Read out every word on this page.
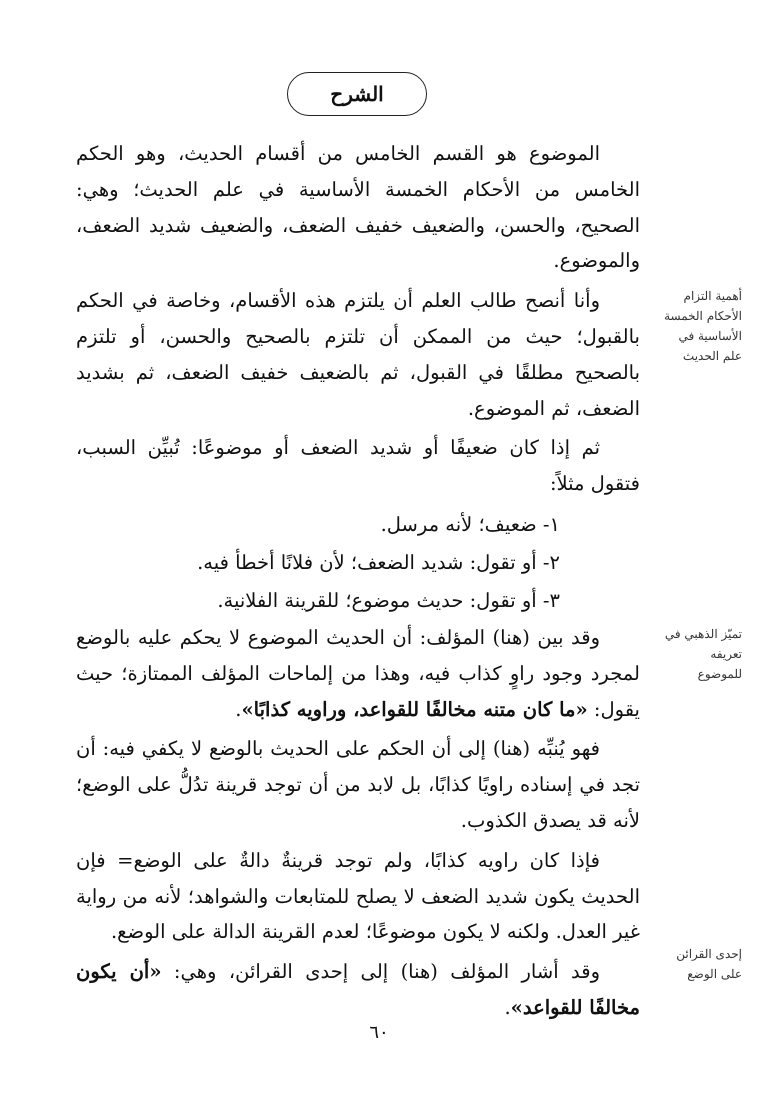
الشرح
أهمية التزام الأحكام الخمسة الأساسية في علم الحديث
تميّز الذهبي في تعريفه للموضوع
إحدى القرائن على الوضع

الموضوع هو القسم الخامس من أقسام الحديث، وهو الحكم الخامس من الأحكام الخمسة الأساسية في علم الحديث؛ وهي: الصحيح، والحسن، والضعيف خفيف الضعف، والضعيف شديد الضعف، والموضوع.

وأنا أنصح طالب العلم أن يلتزم هذه الأقسام، وخاصة في الحكم بالقبول؛ حيث من الممكن أن تلتزم بالصحيح والحسن، أو تلتزم بالصحيح مطلقًا في القبول، ثم بالضعيف خفيف الضعف، ثم بشديد الضعف، ثم الموضوع.

ثم إذا كان ضعيفًا أو شديد الضعف أو موضوعًا: تُبيِّن السبب، فتقول مثلاً:

١- ضعيف؛ لأنه مرسل.

٢- أو تقول: شديد الضعف؛ لأن فلانًا أخطأ فيه.

٣- أو تقول: حديث موضوع؛ للقرينة الفلانية.

وقد بين (هنا) المؤلف: أن الحديث الموضوع لا يحكم عليه بالوضع لمجرد وجود راوٍ كذاب فيه، وهذا من إلماحات المؤلف الممتازة؛ حيث يقول: «ما كان متنه مخالفًا للقواعد، وراويه كذابًا».

فهو يُنبِّه (هنا) إلى أن الحكم على الحديث بالوضع لا يكفي فيه: أن تجد في إسناده راويًا كذابًا، بل لابد من أن توجد قرينة تدُلُّ على الوضع؛ لأنه قد يصدق الكذوب.

فإذا كان راويه كذابًا، ولم توجد قرينةٌ دالةٌ على الوضع= فإن الحديث يكون شديد الضعف لا يصلح للمتابعات والشواهد؛ لأنه من رواية غير العدل. ولكنه لا يكون موضوعًا؛ لعدم القرينة الدالة على الوضع.

وقد أشار المؤلف (هنا) إلى إحدى القرائن، وهي: «أن يكون مخالفًا للقواعد».

٦٠
